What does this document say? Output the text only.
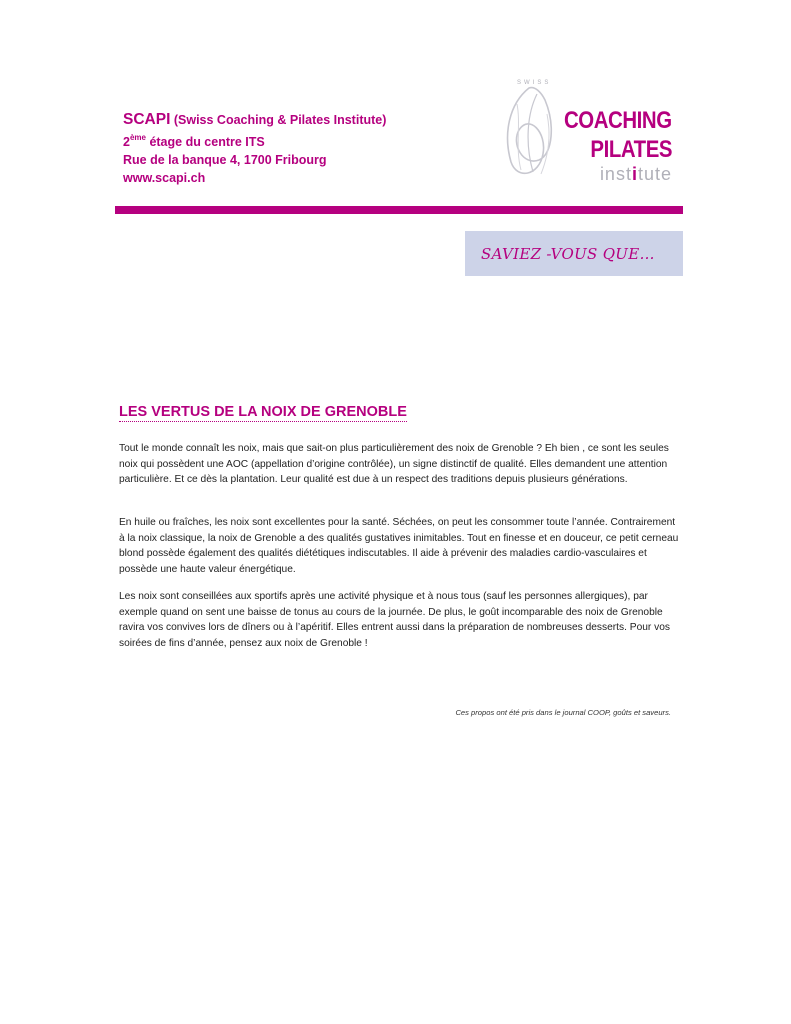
SCAPI (Swiss Coaching & Pilates Institute)
2ème étage du centre ITS
Rue de la banque 4, 1700 Fribourg
www.scapi.ch
SWISS
COACHING
PILATES
institute
SAVIEZ -VOUS QUE…
LES VERTUS DE LA NOIX DE GRENOBLE

Tout le monde connaît les noix, mais que sait-on plus particulièrement des noix de Grenoble ? Eh bien , ce sont les seules noix qui possèdent une AOC (appellation d’origine contrôlée), un signe distinctif de qualité. Elles demandent une attention particulière. Et ce dès la plantation. Leur qualité est due à un respect des traditions depuis plusieurs générations.

En huile ou fraîches, les noix sont excellentes pour la santé. Séchées, on peut les consommer toute l’année. Contrairement à la noix classique, la noix de Grenoble a des qualités gustatives inimitables. Tout en finesse et en douceur, ce petit cerneau blond possède également des qualités diététiques indiscutables. Il aide à prévenir des maladies cardio-vasculaires et possède une haute valeur énergétique.

Les noix sont conseillées aux sportifs après une activité physique et à nous tous (sauf les personnes allergiques), par exemple quand on sent une baisse de tonus au cours de la journée. De plus, le goût incomparable des noix de Grenoble ravira vos convives lors de dîners ou à l’apéritif. Elles entrent aussi dans la préparation de nombreuses desserts. Pour vos soirées de fins d’année, pensez aux noix de Grenoble !

Ces propos ont été pris dans le journal COOP, goûts et saveurs.
